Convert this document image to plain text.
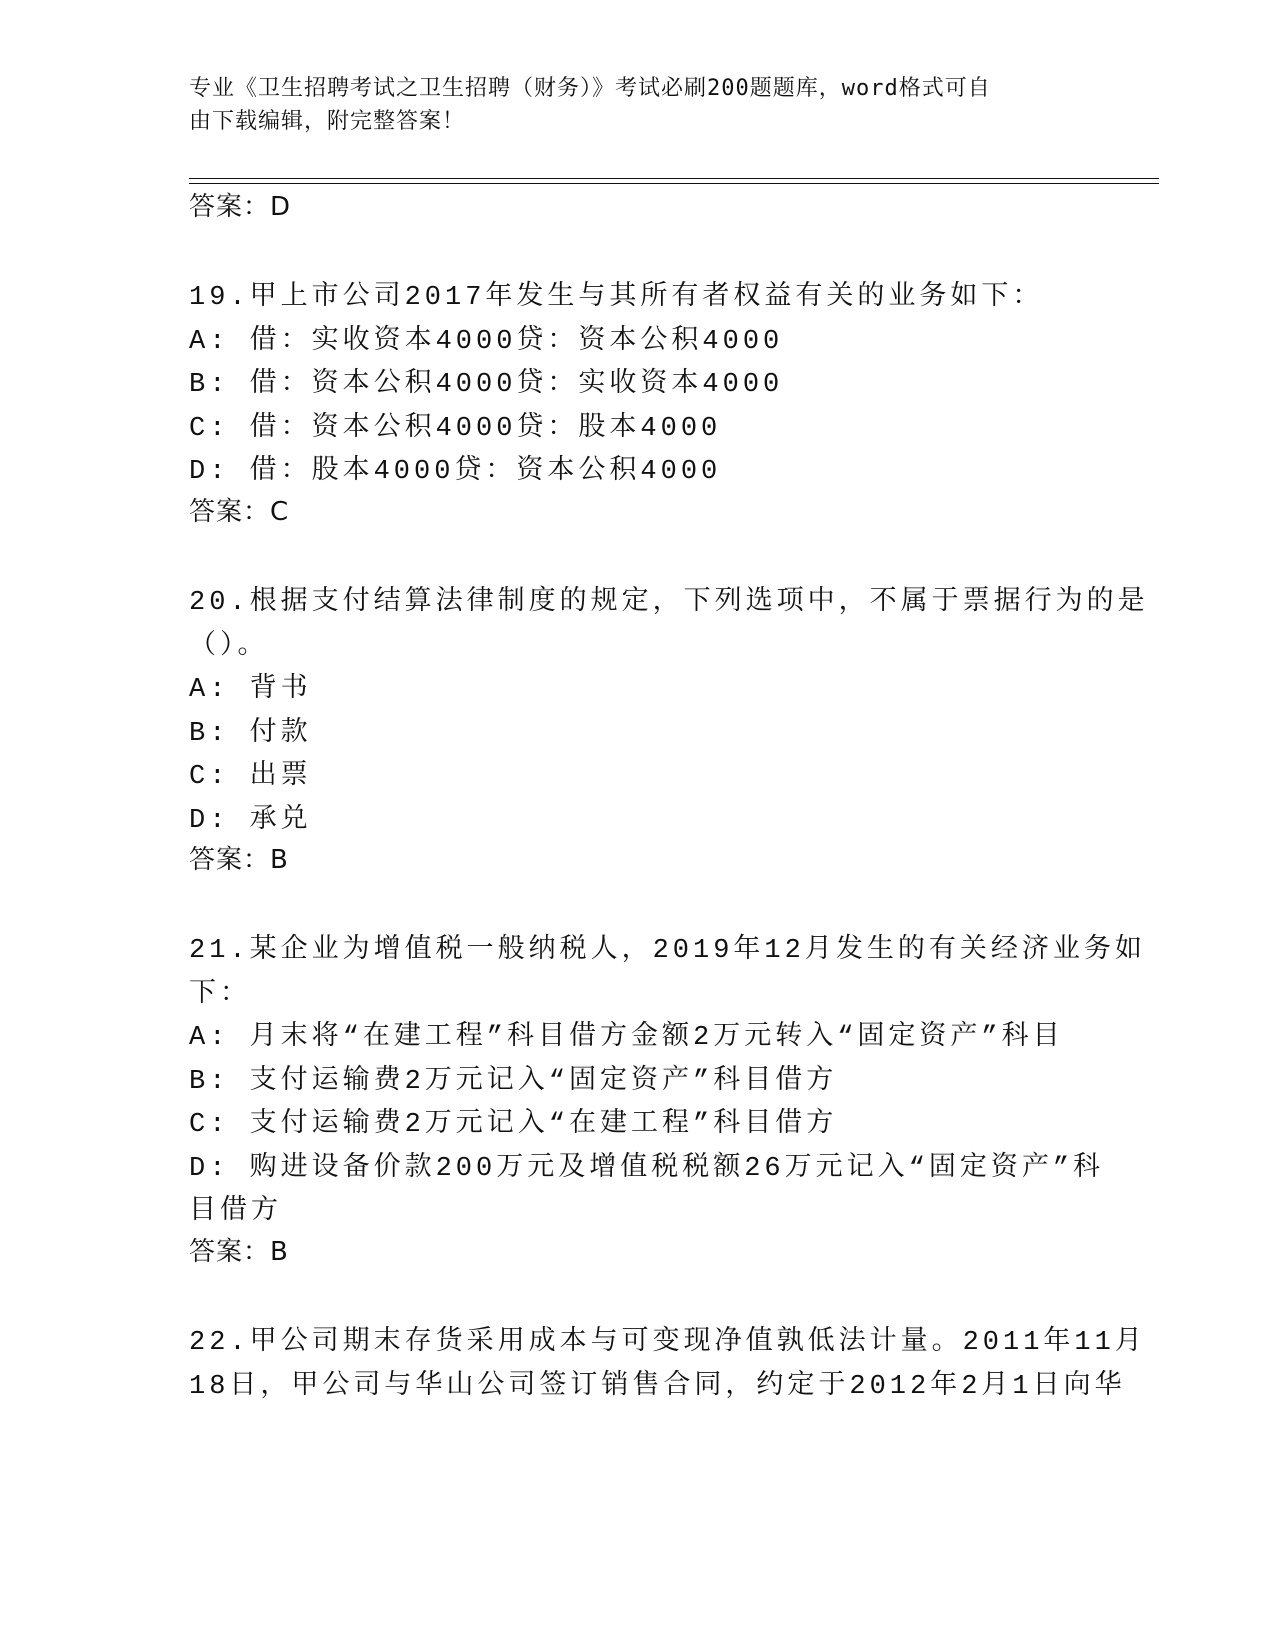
专业《卫生招聘考试之卫生招聘（财务）》考试必刷200题题库，word格式可自
由下载编辑，附完整答案！
答案：D
19.甲上市公司2017年发生与其所有者权益有关的业务如下：
A: 借：实收资本4000贷：资本公积4000
B: 借：资本公积4000贷：实收资本4000
C: 借：资本公积4000贷：股本4000
D: 借：股本4000贷：资本公积4000
答案：C
20.根据支付结算法律制度的规定，下列选项中，不属于票据行为的是
（）。
A: 背书
B: 付款
C: 出票
D: 承兑
答案：B
21.某企业为增值税一般纳税人，2019年12月发生的有关经济业务如
下：
A: 月末将“在建工程”科目借方金额2万元转入“固定资产”科目
B: 支付运输费2万元记入“固定资产”科目借方
C: 支付运输费2万元记入“在建工程”科目借方
D: 购进设备价款200万元及增值税税额26万元记入“固定资产”科
目借方
答案：B
22.甲公司期末存货采用成本与可变现净值孰低法计量。2011年11月
18日，甲公司与华山公司签订销售合同，约定于2012年2月1日向华
